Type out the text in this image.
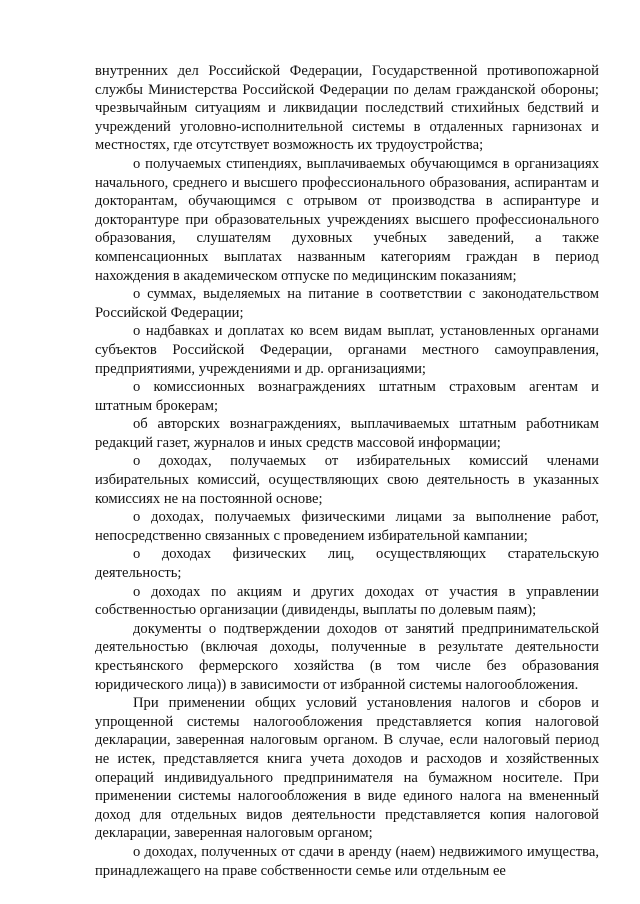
внутренних дел Российской Федерации, Государственной противопожарной службы Министерства Российской Федерации по делам гражданской обороны; чрезвычайным ситуациям и ликвидации последствий стихийных бедствий и учреждений уголовно-исполнительной системы в отдаленных гарнизонах и местностях, где отсутствует возможность их трудоустройства;

о получаемых стипендиях, выплачиваемых обучающимся в организациях начального, среднего и высшего профессионального образования, аспирантам и докторантам, обучающимся с отрывом от производства в аспирантуре и докторантуре при образовательных учреждениях высшего профессионального образования, слушателям духовных учебных заведений, а также компенсационных выплатах названным категориям граждан в период нахождения в академическом отпуске по медицинским показаниям;

о суммах, выделяемых на питание в соответствии с законодательством Российской Федерации;

о надбавках и доплатах ко всем видам выплат, установленных органами субъектов Российской Федерации, органами местного самоуправления, предприятиями, учреждениями и др. организациями;

о комиссионных вознаграждениях штатным страховым агентам и штатным брокерам;

об авторских вознаграждениях, выплачиваемых штатным работникам редакций газет, журналов и иных средств массовой информации;

о доходах, получаемых от избирательных комиссий членами избирательных комиссий, осуществляющих свою деятельность в указанных комиссиях не на постоянной основе;

о доходах, получаемых физическими лицами за выполнение работ, непосредственно связанных с проведением избирательной кампании;

о доходах физических лиц, осуществляющих старательскую деятельность;

о доходах по акциям и других доходах от участия в управлении собственностью организации (дивиденды, выплаты по долевым паям);

документы о подтверждении доходов от занятий предпринимательской деятельностью (включая доходы, полученные в результате деятельности крестьянского фермерского хозяйства (в том числе без образования юридического лица)) в зависимости от избранной системы налогообложения.

При применении общих условий установления налогов и сборов и упрощенной системы налогообложения представляется копия налоговой декларации, заверенная налоговым органом. В случае, если налоговый период не истек, представляется книга учета доходов и расходов и хозяйственных операций индивидуального предпринимателя на бумажном носителе. При применении системы налогообложения в виде единого налога на вмененный доход для отдельных видов деятельности представляется копия налоговой декларации, заверенная налоговым органом;

о доходах, полученных от сдачи в аренду (наем) недвижимого имущества, принадлежащего на праве собственности семье или отдельным ее
